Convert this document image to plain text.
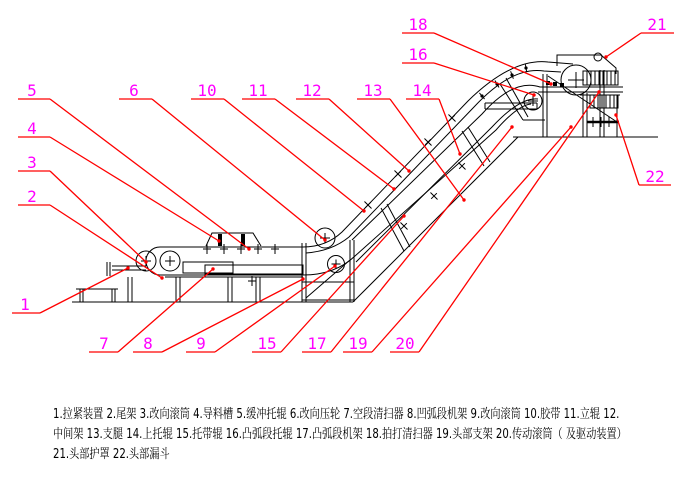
1
2
3
4
5	6	10 11 12	13 14
18
16
21
22
7 8	9	15 17 19 20
1.拉紧装置 2.尾架 3.改向滚筒 4.导料槽 5.缓冲托辊 6.改向压轮 7.空段清扫器 8.凹弧段机架 9.改向滚筒 10.胶带 11.立辊 12.
中间架 13.支腿 14.上托辊 15.托带辊 16.凸弧段托辊 17.凸弧段机架 18.拍打清扫器 19.头部支架 20.传动滚筒（ 及驱动装置）
21.头部护罩 22.头部漏斗
